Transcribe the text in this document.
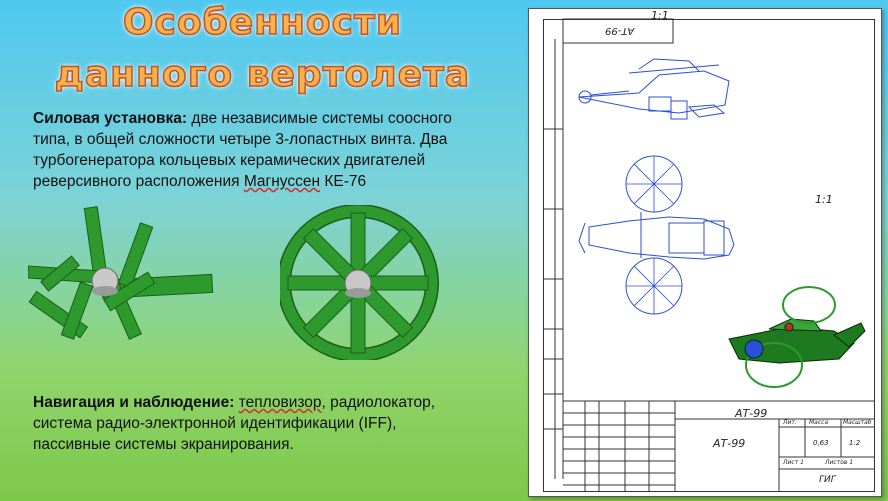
Особенности
данного вертолета
Силовая установка: две независимые системы соосного типа, в общей сложности четыре 3-лопастных винта. Два турбогенератора кольцевых керамических двигателей реверсивного расположения Магнуссен КЕ-76
Навигация и наблюдение: тепловизор, радиолокатор, система радио-электронной идентификации (IFF), пассивные системы экранирования.
1:1
АТ-99
1:1
АТ-99
АТ-99
Лит. Масса Масштаб
0,63	1:2
Лист 1	Листов 1
ГИГ
